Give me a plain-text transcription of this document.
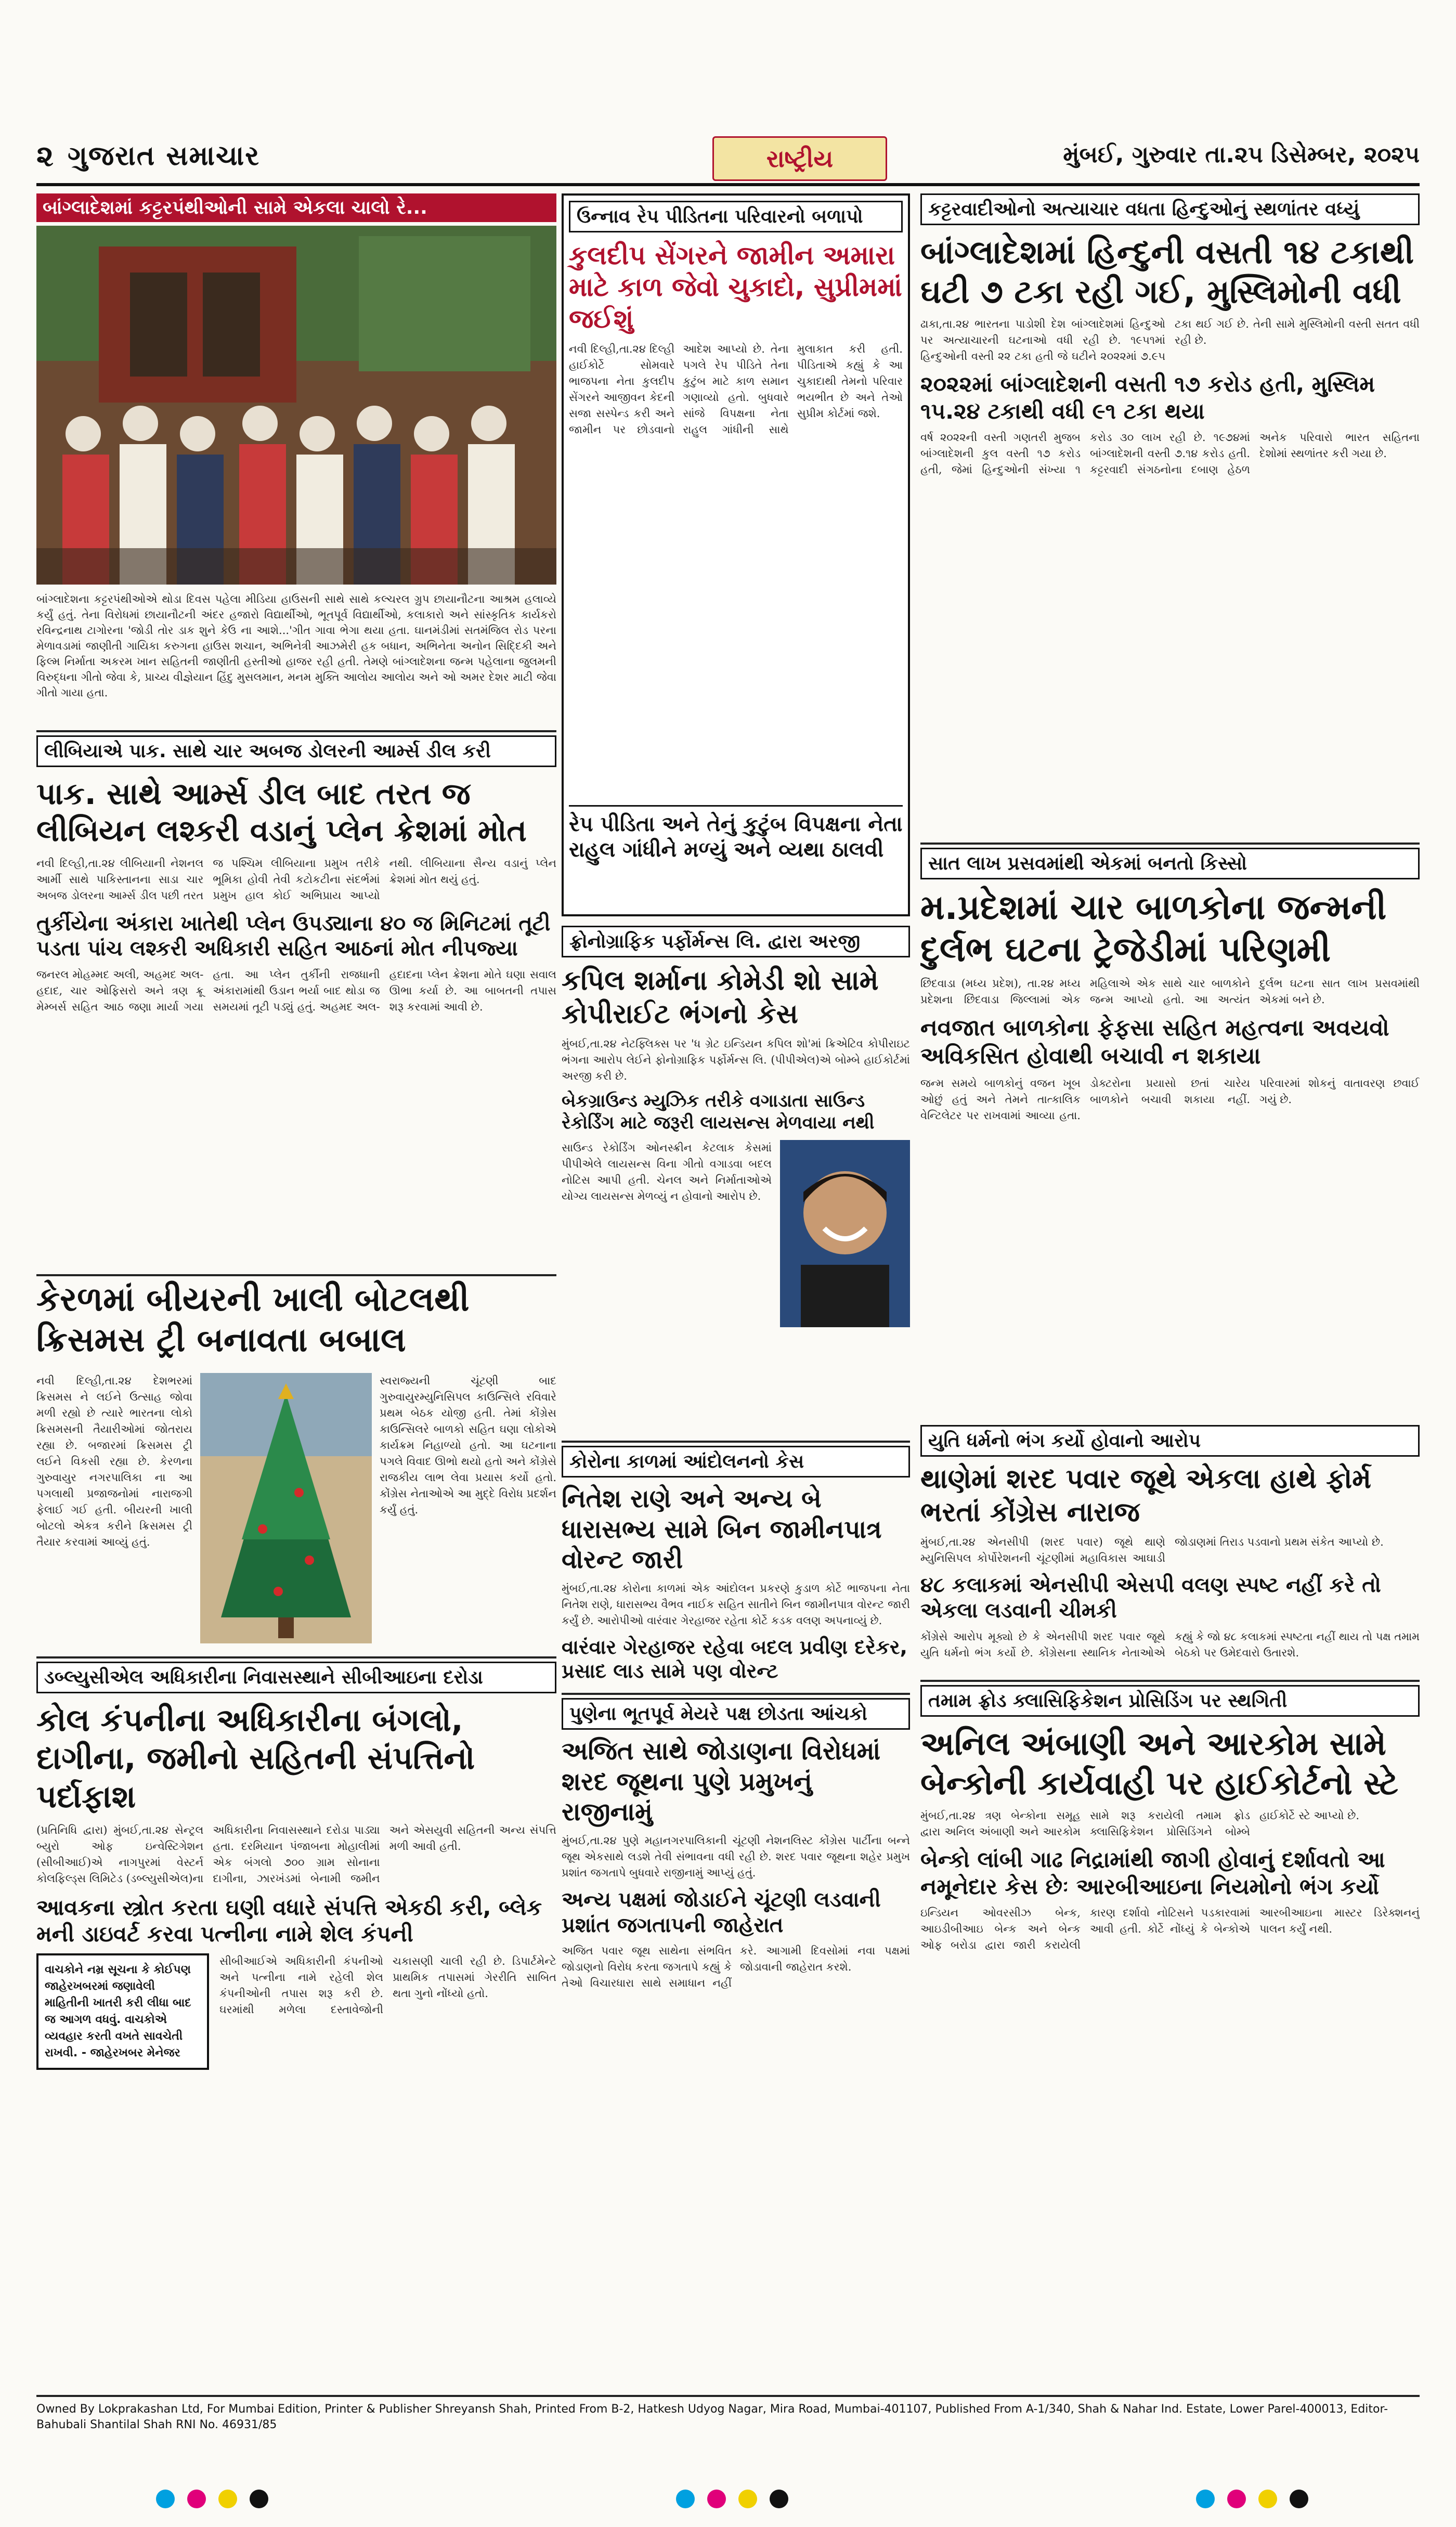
૨ ગુજરાત સમાચાર	રાષ્ટ્રીય	મુંબઈ, ગુરુવાર તા.૨૫ ડિસેમ્બર, ૨૦૨૫
બાંગ્લાદેશમાં કટ્ટરપંથીઓની સામે એકલા ચાલો રે...
બાંગ્લાદેશના કટ્ટરપંથીઓએ થોડા દિવસ પહેલા મીડિયા હાઉસની સાથે સાથે કલ્ચરલ ગ્રુપ છાયાનૌટના આશ્રમ હલાવ્યે કર્યું હતું. તેના વિરોધમાં છાયાનૌટની અંદર હજારો વિદ્યાર્થીઓ, ભૂતપૂર્વ વિદ્યાર્થીઓ, કલાકારો અને સાંસ્કૃતિક કાર્યકરો રવિન્દ્રનાથ ટાગોરના 'જોડી તોર ડાક શુને કેઉ ના આશે...'ગીત ગાવા ભેગા થયા હતા. ઘાનમંડીમાં સતમંજિલ રોડ પરના મેળાવડામાં જાણીતી ગાયિકા કરુગના હાઉસ શચાન, અભિનેત્રી આઝમેરી હક બધાન, અભિનેતા અનોન સિદ્દિકી અને ફિલ્મ નિર્માતા અકરમ ખાન સહિતની જાણીતી હસ્તીઓ હાજર રહી હતી. તેમણે બાંગ્લાદેશના જન્મ પહેલાના જુલમની વિરુદ્ધના ગીતો જેવા કે, પ્રાચ્ય વીજ્ઞેયાન હિંદુ મુસલમાન, મનમ મુક્તિ આલોય આલોય અને ઓ અમર દેશર માટી જેવા ગીતો ગાયા હતા.
લીબિયાએ પાક. સાથે ચાર અબજ ડોલરની આર્મ્સ ડીલ કરી
પાક. સાથે આર્મ્સ ડીલ બાદ તરત જ લીબિયન લશ્કરી વડાનું પ્લેન ક્રેશમાં મોત
નવી દિલ્હી,તા.૨૪ લીબિયાની નેશનલ આર્મી સાથે પાકિસ્તાનના સાડા ચાર અબજ ડોલરના આર્મ્સ ડીલ પછી તરત જ પશ્ચિમ લીબિયાના પ્રમુખ તરીકે ભૂમિકા હોવી તેવી કટોકટીના સંદર્ભમાં પ્રમુખ હાલ કોઈ અભિપ્રાય આપ્યો નથી. લીબિયાના સૈન્ય વડાનું પ્લેન ક્રેશમાં મોત થયું હતું.
તુર્કીયેના અંકારા ખાતેથી પ્લેન ઉપડ્યાના ૪૦ જ મિનિટમાં તૂટી પડતા પાંચ લશ્કરી અધિકારી સહિત આઠનાં મોત નીપજ્યા
જનરલ મોહમ્મદ અલી, અહમદ અલ-હદાદ, ચાર ઓફિસરો અને ત્રણ ક્રૂ મેમ્બર્સ સહિત આઠ જણા માર્યા ગયા હતા. આ પ્લેન તુર્કીની રાજધાની અંકારામાંથી ઉડાન ભર્યા બાદ થોડા જ સમયમાં તૂટી પડ્યું હતું. અહમદ અલ-હદાદના પ્લેન ક્રેશના મોતે ઘણા સવાલ ઊભા કર્યા છે. આ બાબતની તપાસ શરૂ કરવામાં આવી છે.
કેરળમાં બીયરની ખાલી બોટલથી ક્રિસમસ ટ્રી બનાવતા બબાલ
નવી દિલ્હી,તા.૨૪ દેશભરમાં ક્રિસમસ ને લઈને ઉત્સાહ જોવા મળી રહ્યો છે ત્યારે ભારતના લોકો ક્રિસમસની તૈયારીઓમાં જોતરાય રહ્યા છે. બજારમાં ક્રિસમસ ટ્રી લઈને વિકસી રહ્યા છે. કેરળના ગુરુવાયુર નગરપાલિકા ના આ પગલાથી પ્રજાજનોમાં નારાજગી ફેલાઈ ગઈ હતી. બીયરની ખાલી બોટલો એકત્ર કરીને ક્રિસમસ ટ્રી તૈયાર કરવામાં આવ્યું હતું.
સ્વરાજ્યની ચૂંટણી બાદ ગુરુવાયુરમ્યુનિસિપલ કાઉન્સિલે રવિવારે પ્રથમ બેઠક યોજી હતી. તેમાં કોંગ્રેસ કાઉન્સિલરે બાળકો સહિત ઘણા લોકોએ કાર્યક્રમ નિહાળ્યો હતો. આ ઘટનાના પગલે વિવાદ ઊભો થયો હતો અને કોંગ્રેસે રાજકીય લાભ લેવા પ્રયાસ કર્યો હતો. કોંગ્રેસ નેતાઓએ આ મુદ્દે વિરોધ પ્રદર્શન કર્યું હતું.
ડબ્લ્યુસીએલ અધિકારીના નિવાસસ્થાને સીબીઆઇના દરોડા
કોલ કંપનીના અધિકારીના બંગલો, દાગીના, જમીનો સહિતની સંપત્તિનો પર્દાફાશ
(પ્રતિનિધિ દ્વારા) મુંબઈ,તા.૨૪ સેન્ટ્રલ બ્યુરો ઓફ ઇન્વેસ્ટિગેશન (સીબીઆઈ)એ નાગપુરમાં વેસ્ટર્ન કોલફિલ્ડ્સ લિમિટેડ (ડબ્લ્યુસીએલ)ના અધિકારીના નિવાસસ્થાને દરોડા પાડ્યા હતા. દરમિયાન પંજાબના મોહાલીમાં એક બંગલો ૭૦૦ ગ્રામ સોનાના દાગીના, ઝારખંડમાં બેનામી જમીન અને એસયુવી સહિતની અન્ય સંપત્તિ મળી આવી હતી.
આવકના સ્ત્રોત કરતા ઘણી વધારે સંપત્તિ એકઠી કરી, બ્લેક મની ડાઇવર્ટ કરવા પત્નીના નામે શેલ કંપની
વાચકોને નમ્ર સૂચના કે કોઈપણ જાહેરખબરમાં જણાવેલી માહિતીની ખાતરી કરી લીધા બાદ જ આગળ વધવું. વાચકોએ વ્યવહાર કરતી વખતે સાવચેતી રાખવી. - જાહેરખબર મેનેજર
સીબીઆઈએ અધિકારીની કંપનીઓ અને પત્નીના નામે રહેલી શેલ કંપનીઓની તપાસ શરૂ કરી છે. ઘરમાંથી મળેલા દસ્તાવેજોની ચકાસણી ચાલી રહી છે. ડિપાર્ટમેન્ટે પ્રાથમિક તપાસમાં ગેરરીતિ સાબિત થતા ગુનો નોંધ્યો હતો.
ઉન્નાવ રેપ પીડિતના પરિવારનો બળાપો
કુલદીપ સેંગરને જામીન અમારા માટે કાળ જેવો ચુકાદો, સુપ્રીમમાં જઈશું
નવી દિલ્હી,તા.૨૪ દિલ્હી હાઈકોર્ટે સોમવારે ભાજપના નેતા કુલદીપ સેંગરને આજીવન કેદની સજા સસ્પેન્ડ કરી અને જામીન પર છોડવાનો આદેશ આપ્યો છે. તેના પગલે રેપ પીડિતે તેના કુટુંબ માટે કાળ સમાન ગણાવ્યો હતો. બુધવારે સાંજે વિપક્ષના નેતા રાહુલ ગાંધીની સાથે મુલાકાત કરી હતી. પીડિતાએ કહ્યું કે આ ચુકાદાથી તેમનો પરિવાર ભયભીત છે અને તેઓ સુપ્રીમ કોર્ટમાં જશે.
રેપ પીડિતા અને તેનું કુટુંબ વિપક્ષના નેતા રાહુલ ગાંધીને મળ્યું અને વ્યથા ઠાલવી
ફ્રોનોગ્રાફિક પર્ફોર્મન્સ લિ. દ્વારા અરજી
કપિલ શર્માના કોમેડી શો સામે કોપીરાઈટ ભંગનો કેસ
મુંબઈ,તા.૨૪ નેટફ્લિક્સ પર 'ધ ગ્રેટ ઇન્ડિયન કપિલ શો'માં ક્રિએટિવ કોપીરાઇટ ભંગના આરોપ લેઈને ફોનોગ્રાફિક પર્ફોર્મન્સ લિ. (પીપીએલ)એ બોમ્બે હાઈકોર્ટમાં અરજી કરી છે.
બેકગ્રાઉન્ડ મ્યુઝિક તરીકે વગાડાતા સાઉન્ડ રેકોર્ડિંગ માટે જરૂરી લાયસન્સ મેળવાયા નથી
સાઉન્ડ રેકોર્ડિંગ ઓનસ્ક્રીન કેટલાક કેસમાં પીપીએલે લાયસન્સ વિના ગીતો વગાડવા બદલ નોટિસ આપી હતી. ચેનલ અને નિર્માતાઓએ યોગ્ય લાયસન્સ મેળવ્યું ન હોવાનો આરોપ છે.
કોરોના કાળમાં આંદોલનનો કેસ
નિતેશ રાણે અને અન્ય બે ધારાસભ્ય સામે બિન જામીનપાત્ર વોરન્ટ જારી
મુંબઈ,તા.૨૪ કોરોના કાળમાં એક આંદોલન પ્રકરણે કુડાળ કોર્ટે ભાજપના નેતા નિતેશ રાણે, ધારાસભ્ય વૈભવ નાઈક સહિત સાતીને બિન જામીનપાત્ર વોરન્ટ જારી કર્યું છે. આરોપીઓ વારંવાર ગેરહાજર રહેતા કોર્ટે કડક વલણ અપનાવ્યું છે.
વારંવાર ગેરહાજર રહેવા બદલ પ્રવીણ દરેકર, પ્રસાદ લાડ સામે પણ વોરન્ટ
પુણેના ભૂતપૂર્વ મેયરે પક્ષ છોડતા આંચકો
અજિત સાથે જોડાણના વિરોધમાં શરદ જૂથના પુણે પ્રમુખનું રાજીનામું
મુંબઈ,તા.૨૪ પુણે મહાનગરપાલિકાની ચૂંટણી નેશનલિસ્ટ કોંગ્રેસ પાર્ટીના બન્ને જૂથ એકસાથે લડશે તેવી સંભાવના વધી રહી છે. શરદ પવાર જૂથના શહેર પ્રમુખ પ્રશાંત જગતાપે બુધવારે રાજીનામું આપ્યું હતું.
અન્ય પક્ષમાં જોડાઈને ચૂંટણી લડવાની પ્રશાંત જગતાપની જાહેરાત
અજિત પવાર જૂથ સાથેના સંભવિત જોડાણનો વિરોધ કરતા જગતાપે કહ્યું કે તેઓ વિચારધારા સાથે સમાધાન નહીં કરે. આગામી દિવસોમાં નવા પક્ષમાં જોડાવાની જાહેરાત કરશે.
કટ્ટરવાદીઓનો અત્યાચાર વધતા હિન્દુઓનું સ્થળાંતર વધ્યું
બાંગ્લાદેશમાં હિન્દુની વસતી ૧૪ ટકાથી ઘટી ૭ ટકા રહી ગઈ, મુસ્લિમોની વધી
ઢાકા,તા.૨૪ ભારતના પાડોશી દેશ બાંગ્લાદેશમાં હિન્દુઓ પર અત્યાચારની ઘટનાઓ વધી રહી છે. ૧૯૫૧માં હિન્દુઓની વસ્તી ૨૨ ટકા હતી જે ઘટીને ૨૦૨૨માં ૭.૯૫ ટકા થઈ ગઈ છે. તેની સામે મુસ્લિમોની વસ્તી સતત વધી રહી છે.
૨૦૨૨માં બાંગ્લાદેશની વસતી ૧૭ કરોડ હતી, મુસ્લિમ ૧૫.૨૪ ટકાથી વધી ૯૧ ટકા થયા
વર્ષ ૨૦૨૨ની વસ્તી ગણતરી મુજબ બાંગ્લાદેશની કુલ વસ્તી ૧૭ કરોડ હતી, જેમાં હિન્દુઓની સંખ્યા ૧ કરોડ ૩૦ લાખ રહી છે. ૧૯૭૪માં બાંગ્લાદેશની વસ્તી ૭.૧૪ કરોડ હતી. કટ્ટરવાદી સંગઠનોના દબાણ હેઠળ અનેક પરિવારો ભારત સહિતના દેશોમાં સ્થળાંતર કરી ગયા છે.
સાત લાખ પ્રસવમાંથી એકમાં બનતો કિસ્સો
મ.પ્રદેશમાં ચાર બાળકોના જન્મની દુર્લભ ઘટના ટ્રેજેડીમાં પરિણમી
છિંદવાડા (મધ્ય પ્રદેશ), તા.૨૪ મધ્ય પ્રદેશના છિંદવાડા જિલ્લામાં એક મહિલાએ એક સાથે ચાર બાળકોને જન્મ આપ્યો હતો. આ અત્યંત દુર્લભ ઘટના સાત લાખ પ્રસવમાંથી એકમાં બને છે.
નવજાત બાળકોના ફેફસા સહિત મહત્વના અવયવો અવિકસિત હોવાથી બચાવી ન શકાયા
જન્મ સમયે બાળકોનું વજન ખૂબ ઓછું હતું અને તેમને તાત્કાલિક વેન્ટિલેટર પર રાખવામાં આવ્યા હતા. ડોક્ટરોના પ્રયાસો છતાં ચારેય બાળકોને બચાવી શકાયા નહીં. પરિવારમાં શોકનું વાતાવરણ છવાઈ ગયું છે.
યુતિ ધર્મનો ભંગ કર્યો હોવાનો આરોપ
થાણેમાં શરદ પવાર જૂથે એકલા હાથે ફોર્મ ભરતાં કોંગ્રેસ નારાજ
મુંબઈ,તા.૨૪ એનસીપી (શરદ પવાર) જૂથે થાણે મ્યુનિસિપલ કોર્પોરેશનની ચૂંટણીમાં મહાવિકાસ આઘાડી જોડાણમાં તિરાડ પડવાનો પ્રથમ સંકેત આપ્યો છે.
૪૮ કલાકમાં એનસીપી એસપી વલણ સ્પષ્ટ નહીં કરે તો એકલા લડવાની ચીમકી
કોંગ્રેસે આરોપ મૂક્યો છે કે એનસીપી શરદ પવાર જૂથે યુતિ ધર્મનો ભંગ કર્યો છે. કોંગ્રેસના સ્થાનિક નેતાઓએ કહ્યું કે જો ૪૮ કલાકમાં સ્પષ્ટતા નહીં થાય તો પક્ષ તમામ બેઠકો પર ઉમેદવારો ઉતારશે.
તમામ ફ્રોડ ક્લાસિફિકેશન પ્રોસિડિંગ પર સ્થગિતી
અનિલ અંબાણી અને આરકોમ સામે બેન્કોની કાર્યવાહી પર હાઈકોર્ટનો સ્ટે
મુંબઈ,તા.૨૪ ત્રણ બેન્કોના સમૂહ દ્વારા અનિલ અંબાણી અને આરકોમ સામે શરૂ કરાયેલી તમામ ફ્રોડ ક્લાસિફિકેશન પ્રોસિડિંગને બોમ્બે હાઈકોર્ટે સ્ટે આપ્યો છે.
બેન્કો લાંબી ગાઢ નિદ્રામાંથી જાગી હોવાનું દર્શાવતો આ નમૂનેદાર કેસ છેઃ આરબીઆઇના નિયમોનો ભંગ કર્યો
ઇન્ડિયન ઓવરસીઝ બેન્ક, આઇડીબીઆઇ બેન્ક અને બેન્ક ઓફ બરોડા દ્વારા જારી કરાયેલી કારણ દર્શાવો નોટિસને પડકારવામાં આવી હતી. કોર્ટે નોંધ્યું કે બેન્કોએ આરબીઆઇના માસ્ટર ડિરેક્શનનું પાલન કર્યું નથી.
Owned By Lokprakashan Ltd, For Mumbai Edition, Printer & Publisher Shreyansh Shah, Printed From B-2, Hatkesh Udyog Nagar, Mira Road, Mumbai-401107, Published From A-1/340, Shah & Nahar Ind. Estate, Lower Parel-400013, Editor- Bahubali Shantilal Shah RNI No. 46931/85
